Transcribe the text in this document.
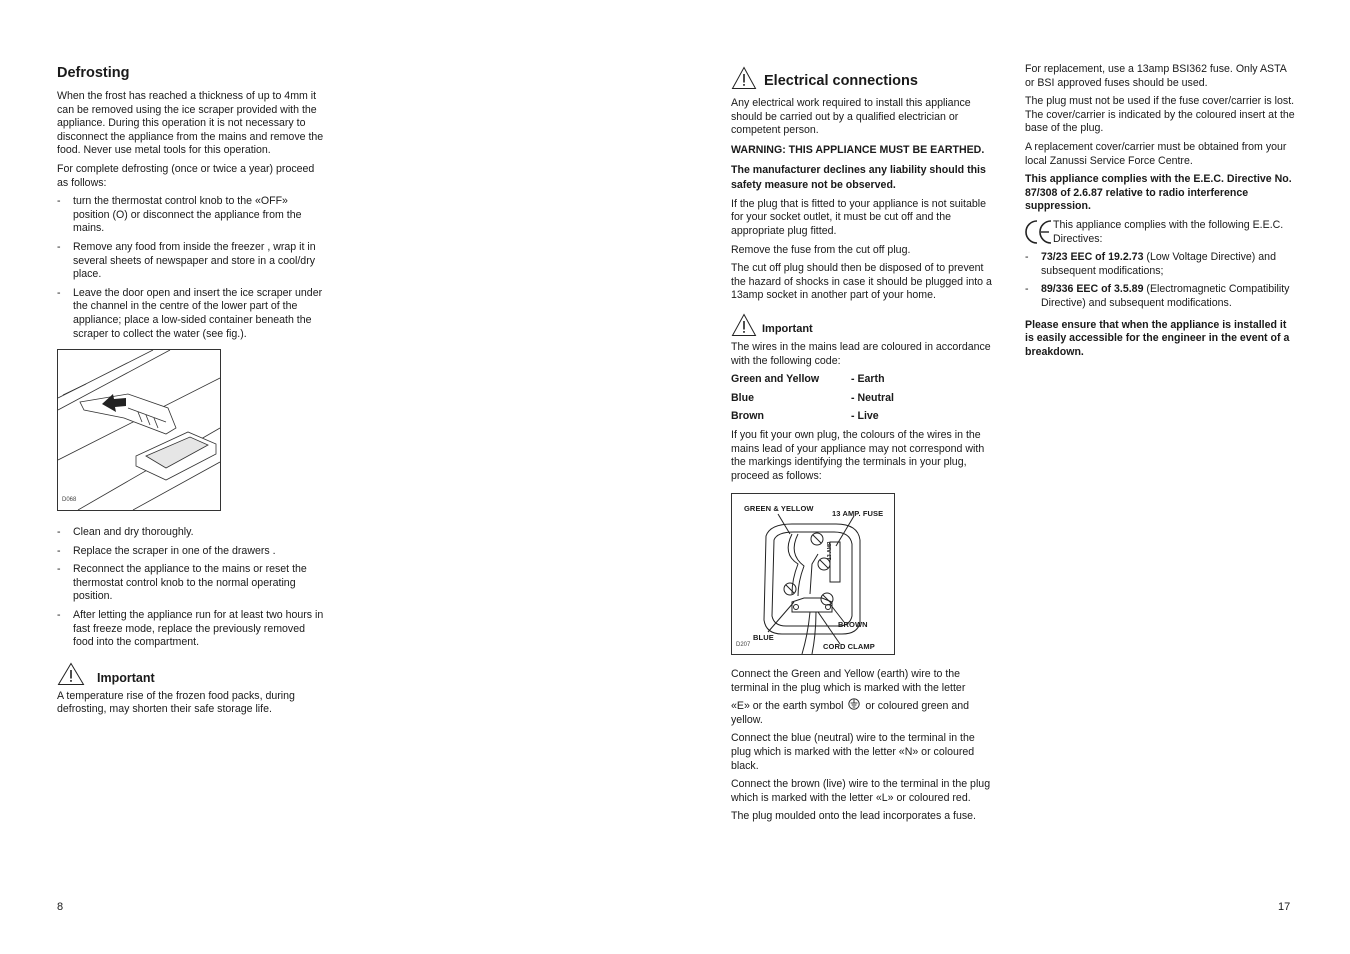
Defrosting

When the frost has reached a thickness of up to 4mm it can be removed using the ice scraper provided with the appliance. During this operation it is not necessary to disconnect the appliance from the mains and remove the food. Never use metal tools for this operation.

For complete defrosting (once or twice a year) proceed as follows:

- turn the thermostat control knob to the «OFF» position (O) or disconnect the appliance from the mains.
- Remove any food from inside the freezer , wrap it in several sheets of newspaper and store in a cool/dry place.
- Leave the door open and insert the ice scraper under the channel in the centre of the lower part of the appliance; place a low-sided container beneath the scraper to collect the water (see fig.).
D068
- Clean and dry thoroughly.
- Replace the scraper in one of the drawers .
- Reconnect the appliance to the mains or reset the thermostat control knob to the normal operating position.
- After letting the appliance run for at least two hours in fast freeze mode, replace the previously removed food into the compartment.
Important

A temperature rise of the frozen food packs, during defrosting, may shorten their safe storage life.

8
Electrical connections

Any electrical work required to install this appliance should be carried out by a qualified electrician or competent person.

WARNING: THIS APPLIANCE MUST BE EARTHED.

The manufacturer declines any liability should this safety measure not be observed.

If the plug that is fitted to your appliance is not suitable for your socket outlet, it must be cut off and the appropriate plug fitted.

Remove the fuse from the cut off plug.

The cut off plug should then be disposed of to prevent the hazard of shocks in case it should be plugged into a 13amp socket in another part of your home.

Important

The wires in the mains lead are coloured in accordance with the following code:

Green and Yellow	- Earth
Blue	- Neutral
Brown	- Live

If you fit your own plug, the colours of the wires in the mains lead of your appliance may not correspond with the markings identifying the terminals in your plug, proceed as follows:

GREEN & YELLOW
13 AMP. FUSE
13 AMP
BROWN
BLUE
CORD CLAMP
D207

Connect the Green and Yellow (earth) wire to the terminal in the plug which is marked with the letter

«E» or the earth symbol or coloured green and yellow.

Connect the blue (neutral) wire to the terminal in the plug which is marked with the letter «N» or coloured black.

Connect the brown (live) wire to the terminal in the plug which is marked with the letter «L» or coloured red.

The plug moulded onto the lead incorporates a fuse.

For replacement, use a 13amp BSI362 fuse. Only ASTA or BSI approved fuses should be used.

The plug must not be used if the fuse cover/carrier is lost. The cover/carrier is indicated by the coloured insert at the base of the plug.

A replacement cover/carrier must be obtained from your local Zanussi Service Force Centre.

This appliance complies with the E.E.C. Directive No. 87/308 of 2.6.87 relative to radio interference suppression.

This appliance complies with the following E.E.C. Directives:
- 73/23 EEC of 19.2.73 (Low Voltage Directive) and subsequent modifications;
- 89/336 EEC of 3.5.89 (Electromagnetic Compatibility Directive) and subsequent modifications.

Please ensure that when the appliance is installed it is easily accessible for the engineer in the event of a breakdown.

17
